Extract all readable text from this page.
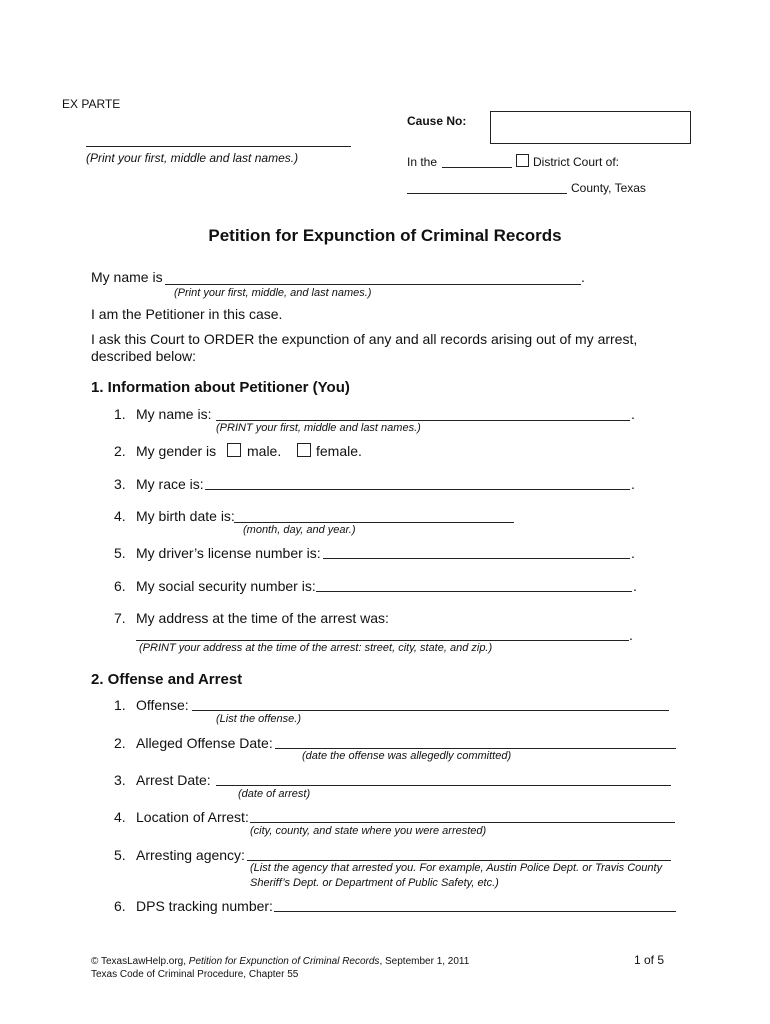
EX PARTE
(Print your first, middle and last names.)
Cause No:
In the	District Court of:
County, Texas
Petition for Expunction of Criminal Records
My name is	.
(Print your first, middle, and last names.)
I am the Petitioner in this case.
I ask this Court to ORDER the expunction of any and all records arising out of my arrest,
described below:
1. Information about Petitioner (You)
1. My name is:	.
(PRINT your first, middle and last names.)
2. My gender is male. female.
3. My race is:	.
4. My birth date is:
(month, day, and year.)
5. My driver’s license number is:	.
6. My social security number is:	.
7. My address at the time of the arrest was:
.
(PRINT your address at the time of the arrest: street, city, state, and zip.)
2. Offense and Arrest
1. Offense:
(List the offense.)
2. Alleged Offense Date:
(date the offense was allegedly committed)
3. Arrest Date:
(date of arrest)
4. Location of Arrest:
(city, county, and state where you were arrested)
5. Arresting agency:
(List the agency that arrested you. For example, Austin Police Dept. or Travis County
Sheriff’s Dept. or Department of Public Safety, etc.)
6. DPS tracking number:
© TexasLawHelp.org, Petition for Expunction of Criminal Records, September 1, 2011
Texas Code of Criminal Procedure, Chapter 55
1 of 5
